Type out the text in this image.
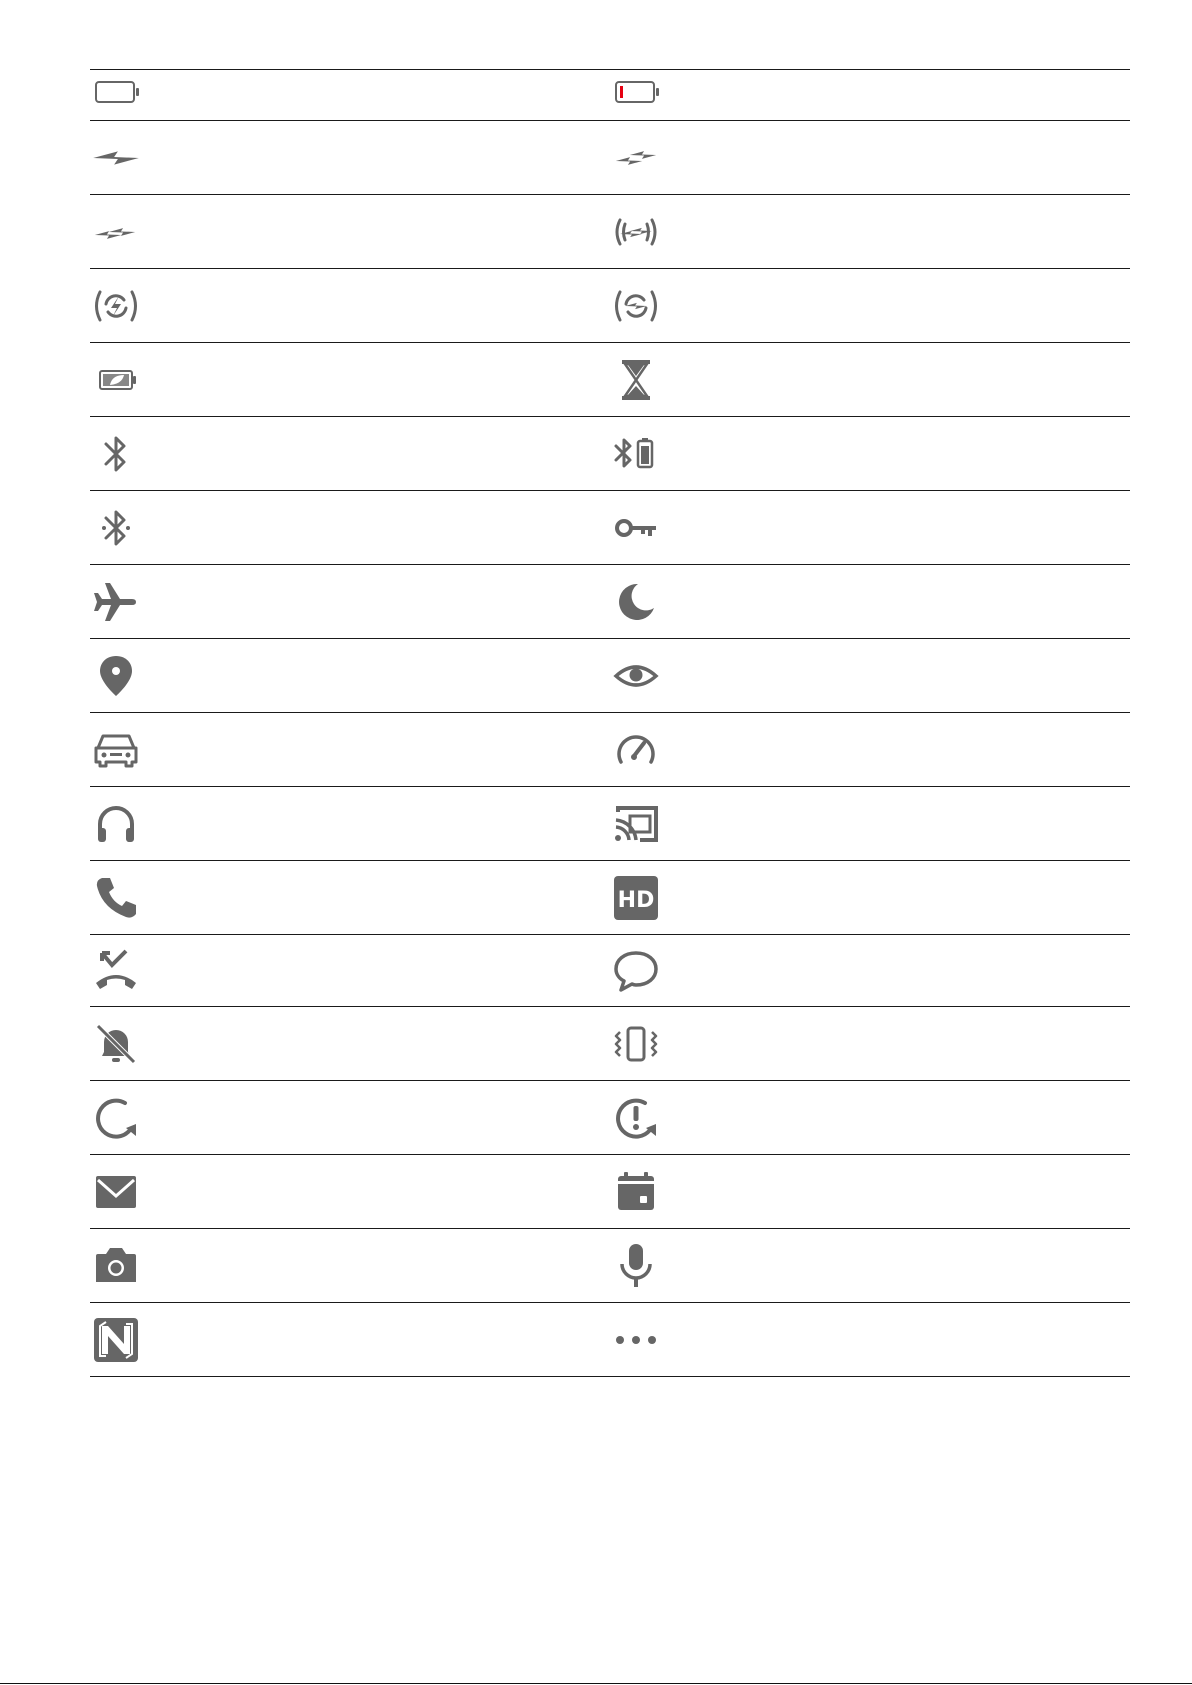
HD
